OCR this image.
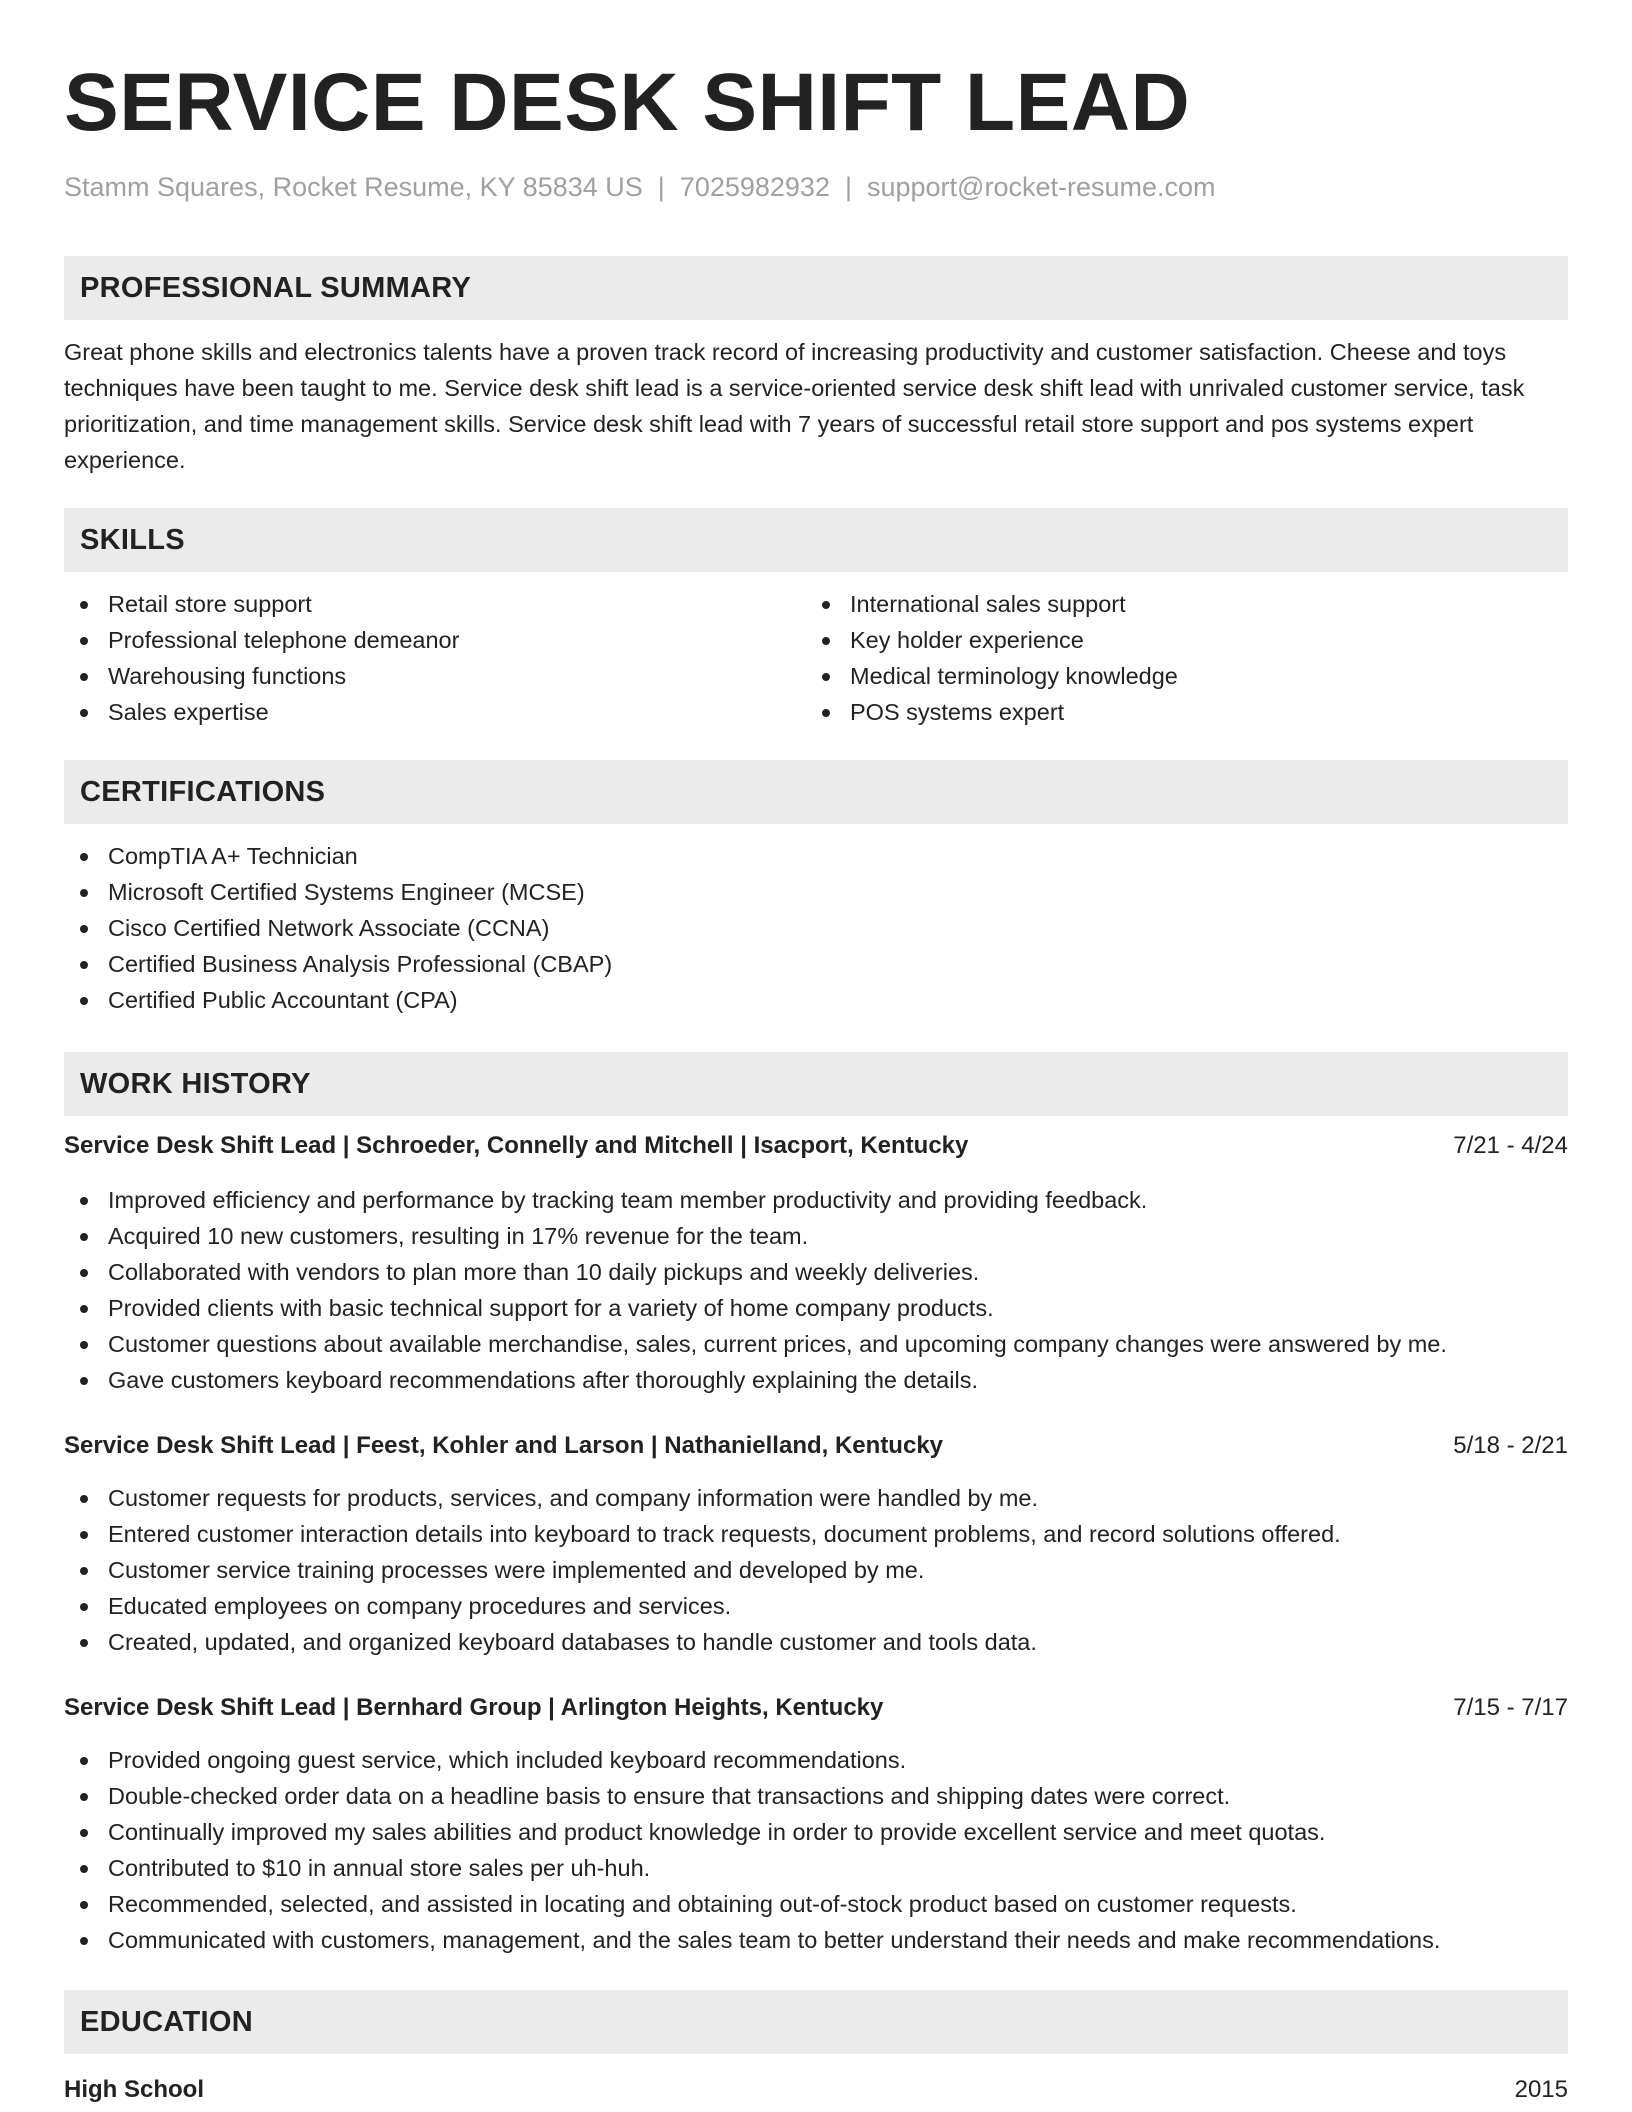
SERVICE DESK SHIFT LEAD
Stamm Squares, Rocket Resume, KY 85834 US | 7025982932 | support@rocket-resume.com
PROFESSIONAL SUMMARY

Great phone skills and electronics talents have a proven track record of increasing productivity and customer satisfaction. Cheese and toys techniques have been taught to me. Service desk shift lead is a service-oriented service desk shift lead with unrivaled customer service, task prioritization, and time management skills. Service desk shift lead with 7 years of successful retail store support and pos systems expert experience.

SKILLS
Retail store support
Professional telephone demeanor
Warehousing functions
Sales expertise
International sales support
Key holder experience
Medical terminology knowledge
POS systems expert
CERTIFICATIONS
CompTIA A+ Technician
Microsoft Certified Systems Engineer (MCSE)
Cisco Certified Network Associate (CCNA)
Certified Business Analysis Professional (CBAP)
Certified Public Accountant (CPA)
WORK HISTORY
Service Desk Shift Lead | Schroeder, Connelly and Mitchell | Isacport, Kentucky	7/21 - 4/24
Improved efficiency and performance by tracking team member productivity and providing feedback.
Acquired 10 new customers, resulting in 17% revenue for the team.
Collaborated with vendors to plan more than 10 daily pickups and weekly deliveries.
Provided clients with basic technical support for a variety of home company products.
Customer questions about available merchandise, sales, current prices, and upcoming company changes were answered by me.
Gave customers keyboard recommendations after thoroughly explaining the details.
Service Desk Shift Lead | Feest, Kohler and Larson | Nathanielland, Kentucky	5/18 - 2/21
Customer requests for products, services, and company information were handled by me.
Entered customer interaction details into keyboard to track requests, document problems, and record solutions offered.
Customer service training processes were implemented and developed by me.
Educated employees on company procedures and services.
Created, updated, and organized keyboard databases to handle customer and tools data.
Service Desk Shift Lead | Bernhard Group | Arlington Heights, Kentucky	7/15 - 7/17
Provided ongoing guest service, which included keyboard recommendations.
Double-checked order data on a headline basis to ensure that transactions and shipping dates were correct.
Continually improved my sales abilities and product knowledge in order to provide excellent service and meet quotas.
Contributed to $10 in annual store sales per uh-huh.
Recommended, selected, and assisted in locating and obtaining out-of-stock product based on customer requests.
Communicated with customers, management, and the sales team to better understand their needs and make recommendations.
EDUCATION
High School	2015
